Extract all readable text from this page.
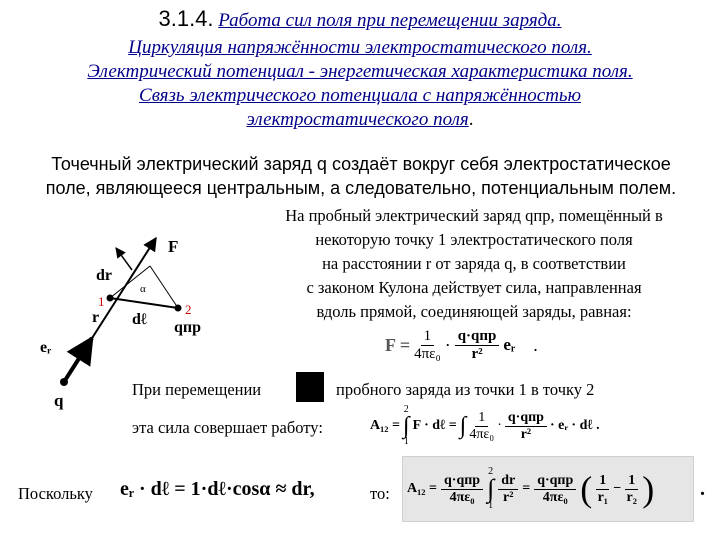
3.1.4. Работа сил поля при перемещении заряда.
Циркуляция напряжённости электростатического поля.
Электрический потенциал - энергетическая характеристика поля.
Связь электрического потенциала с напряжённостью
электростатического поля.
Точечный электрический заряд q создаёт вокруг себя электростатическое
поле, являющееся центральным, а следовательно, потенциальным полем.
На пробный электрический заряд qпр, помещённый в
некоторую точку 1 электростатического поля
на расстоянии r от заряда q, в соответствии
с законом Кулона действует сила, направленная
вдоль прямой, соединяющей заряды, равная:
$F = \frac{1}{\text{4πε₀}} \cdot \frac{\text{q·qпр}}{\text{r²}}$ eᵣ .
При перемещении	пробного заряда из точки 1 в точку 2
эта сила совершает работу:	A₁₂ =
2
∫
1
F · dℓ = ∫ $\frac{1}{\text{4πε₀}} \cdot \frac{\text{q·qпр}}{\text{r²}}$ · eᵣ · dℓ .
Поскольку eᵣ · dℓ = 1·dℓ·cosα ≈ dr,	то: $A_{12} = \frac{\text{q·qпр}}{\text{4πε₀}}$
2
∫
$1 \frac{dr}{\text{r²}} = \frac{\text{q·qпр}}{\text{4πε₀}}$ ( $\frac{1}{\text{r₁}} - \frac{1}{\text{r₂}}$ ) .
F
dr
α
1
2
r dℓ qпр
eᵣ
q
